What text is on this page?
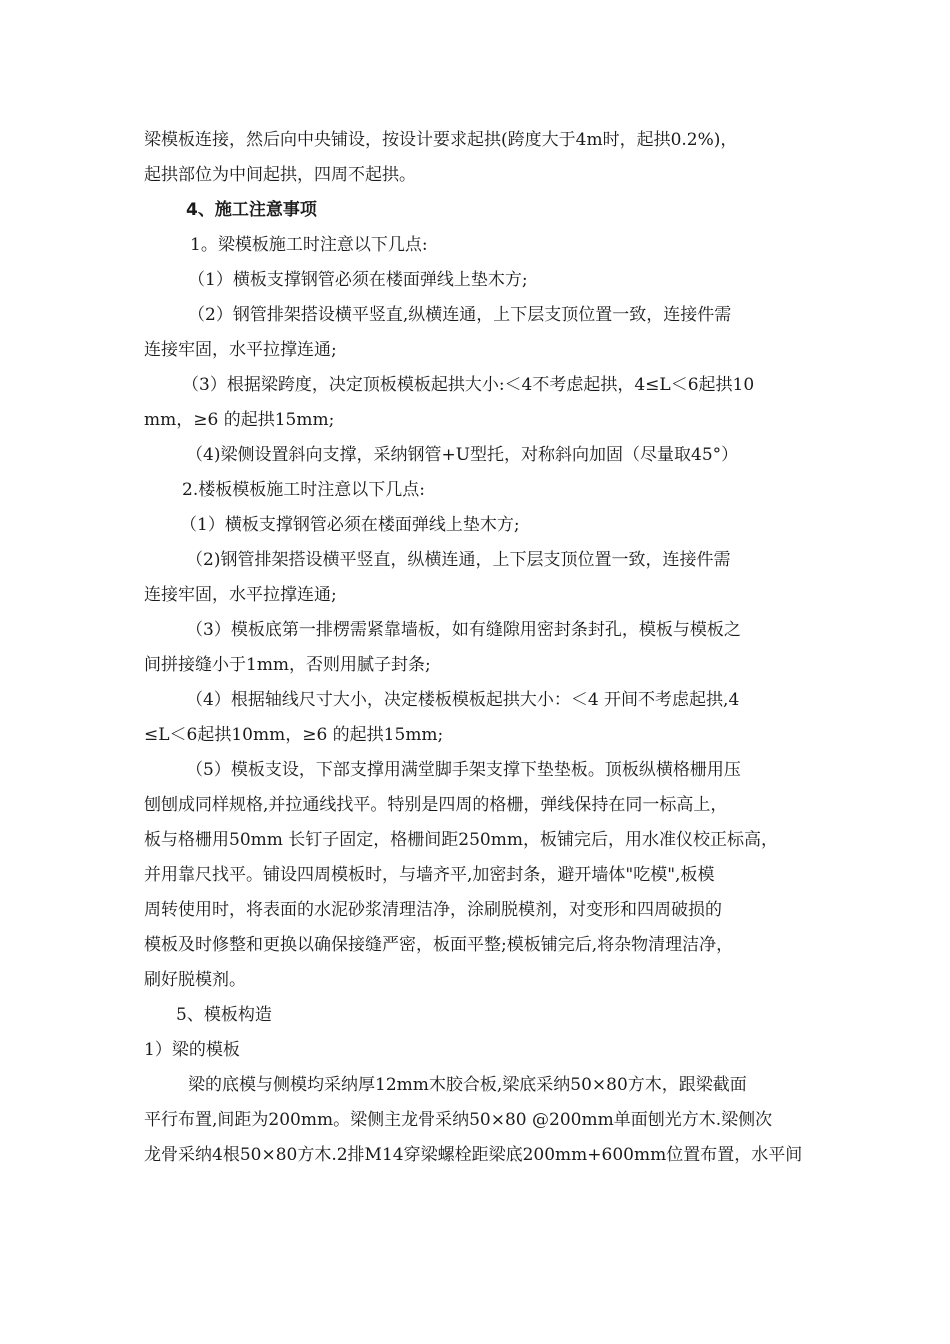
梁模板连接，然后向中央铺设，按设计要求起拱(跨度大于4m时，起拱0.2%)，
起拱部位为中间起拱，四周不起拱。
4、施工注意事项
1。梁模板施工时注意以下几点:
（1）横板支撑钢管必须在楼面弹线上垫木方;
（2）钢管排架搭设横平竖直,纵横连通，上下层支顶位置一致，连接件需
连接牢固，水平拉撑连通;
（3）根据梁跨度，决定顶板模板起拱大小:＜4不考虑起拱，4≤L＜6起拱10
mm，≥6 的起拱15mm;
（4)梁侧设置斜向支撑，采纳钢管+U型托，对称斜向加固（尽量取45°）
2.楼板模板施工时注意以下几点:
（1）横板支撑钢管必须在楼面弹线上垫木方;
（2)钢管排架搭设横平竖直，纵横连通，上下层支顶位置一致，连接件需
连接牢固，水平拉撑连通;
（3）模板底第一排楞需紧靠墙板，如有缝隙用密封条封孔，模板与模板之
间拼接缝小于1mm，否则用腻子封条;
（4）根据轴线尺寸大小，决定楼板模板起拱大小：＜4 开间不考虑起拱,4
≤L＜6起拱10mm，≥6 的起拱15mm;
（5）模板支设，下部支撑用满堂脚手架支撑下垫垫板。顶板纵横格栅用压
刨刨成同样规格,并拉通线找平。特别是四周的格栅，弹线保持在同一标高上，
板与格栅用50mm 长钉子固定，格栅间距250mm，板铺完后，用水准仪校正标高，
并用靠尺找平。铺设四周模板时，与墙齐平,加密封条，避开墙体"吃模",板模
周转使用时，将表面的水泥砂浆清理洁净，涂刷脱模剂，对变形和四周破损的
模板及时修整和更换以确保接缝严密，板面平整;模板铺完后,将杂物清理洁净，
刷好脱模剂。
5、模板构造
1）梁的模板
梁的底模与侧模均采纳厚12mm木胶合板,梁底采纳50×80方木，跟梁截面
平行布置,间距为200mm。梁侧主龙骨采纳50×80 @200mm单面刨光方木.梁侧次
龙骨采纳4根50×80方木.2排M14穿梁螺栓距梁底200mm+600mm位置布置，水平间
